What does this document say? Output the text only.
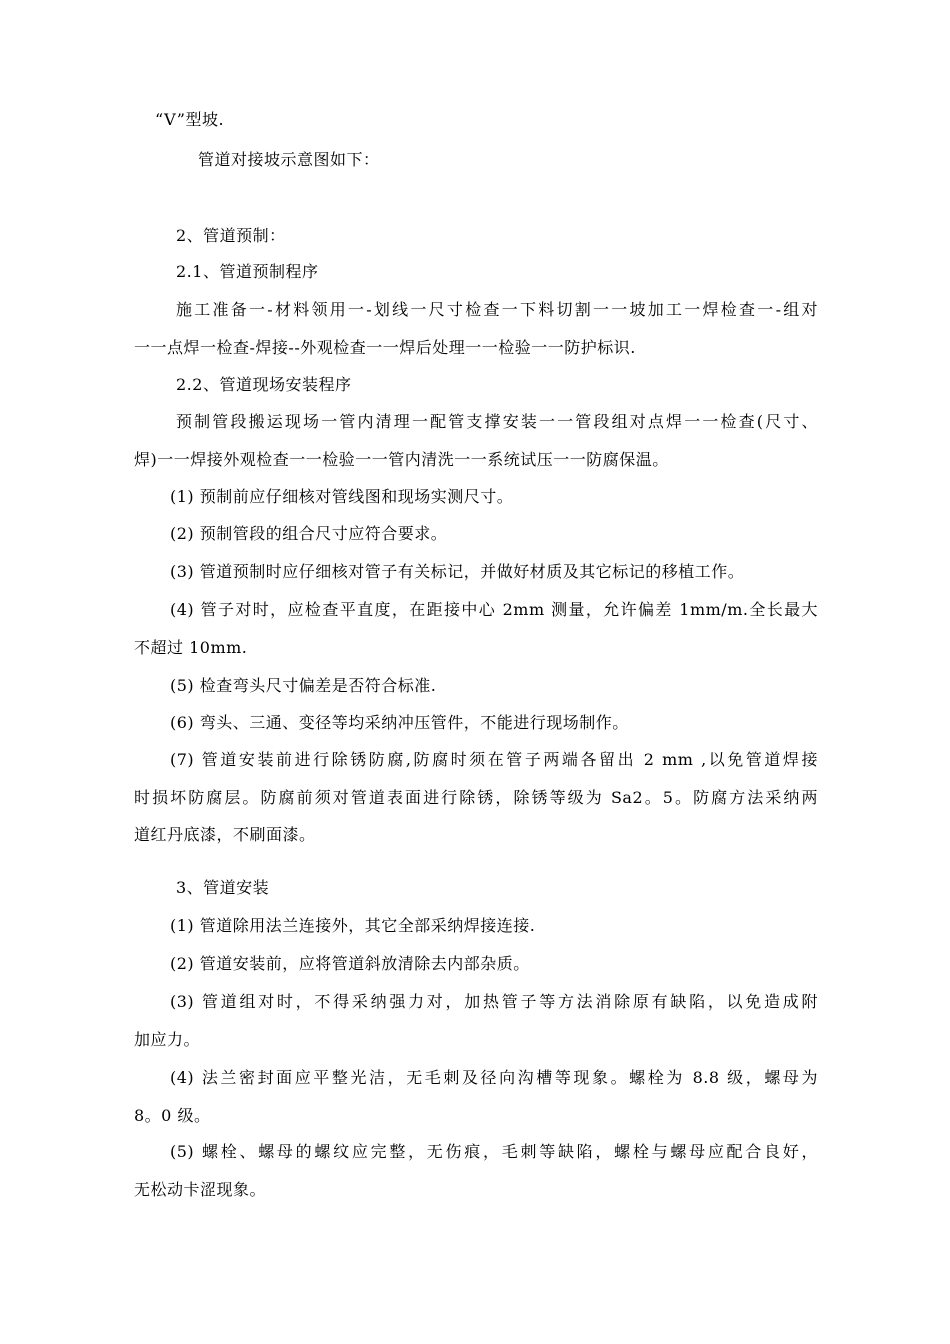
“V”型坡.
管道对接坡示意图如下：
2、管道预制：
2.1、管道预制程序
施工准备一-材料领用一-划线一尺寸检查一下料切割一一坡加工一焊检查一-组对
一一点焊一检查-焊接--外观检查一一焊后处理一一检验一一防护标识.
2.2、管道现场安装程序
预制管段搬运现场一管内清理一配管支撑安装一一管段组对点焊一一检查(尺寸、
焊)一一焊接外观检查一一检验一一管内清洗一一系统试压一一防腐保温。
(1) 预制前应仔细核对管线图和现场实测尺寸。
(2) 预制管段的组合尺寸应符合要求。
(3) 管道预制时应仔细核对管子有关标记，并做好材质及其它标记的移植工作。
(4) 管子对时，应检查平直度，在距接中心 2mm 测量，允许偏差 1mm/m.全长最大
不超过 10mm.
(5) 检查弯头尺寸偏差是否符合标准.
(6) 弯头、三通、变径等均采纳冲压管件，不能进行现场制作。
(7) 管道安装前进行除锈防腐,防腐时须在管子两端各留出 2 mm ,以免管道焊接
时损坏防腐层。防腐前须对管道表面进行除锈，除锈等级为 Sa2。5。防腐方法采纳两
道红丹底漆，不刷面漆。
3、管道安装
(1) 管道除用法兰连接外，其它全部采纳焊接连接.
(2) 管道安装前，应将管道斜放清除去内部杂质。
(3) 管道组对时，不得采纳强力对，加热管子等方法消除原有缺陷，以免造成附
加应力。
(4) 法兰密封面应平整光洁，无毛刺及径向沟槽等现象。螺栓为 8.8 级，螺母为
8。0 级。
(5) 螺栓、螺母的螺纹应完整，无伤痕，毛刺等缺陷，螺栓与螺母应配合良好，
无松动卡涩现象。
